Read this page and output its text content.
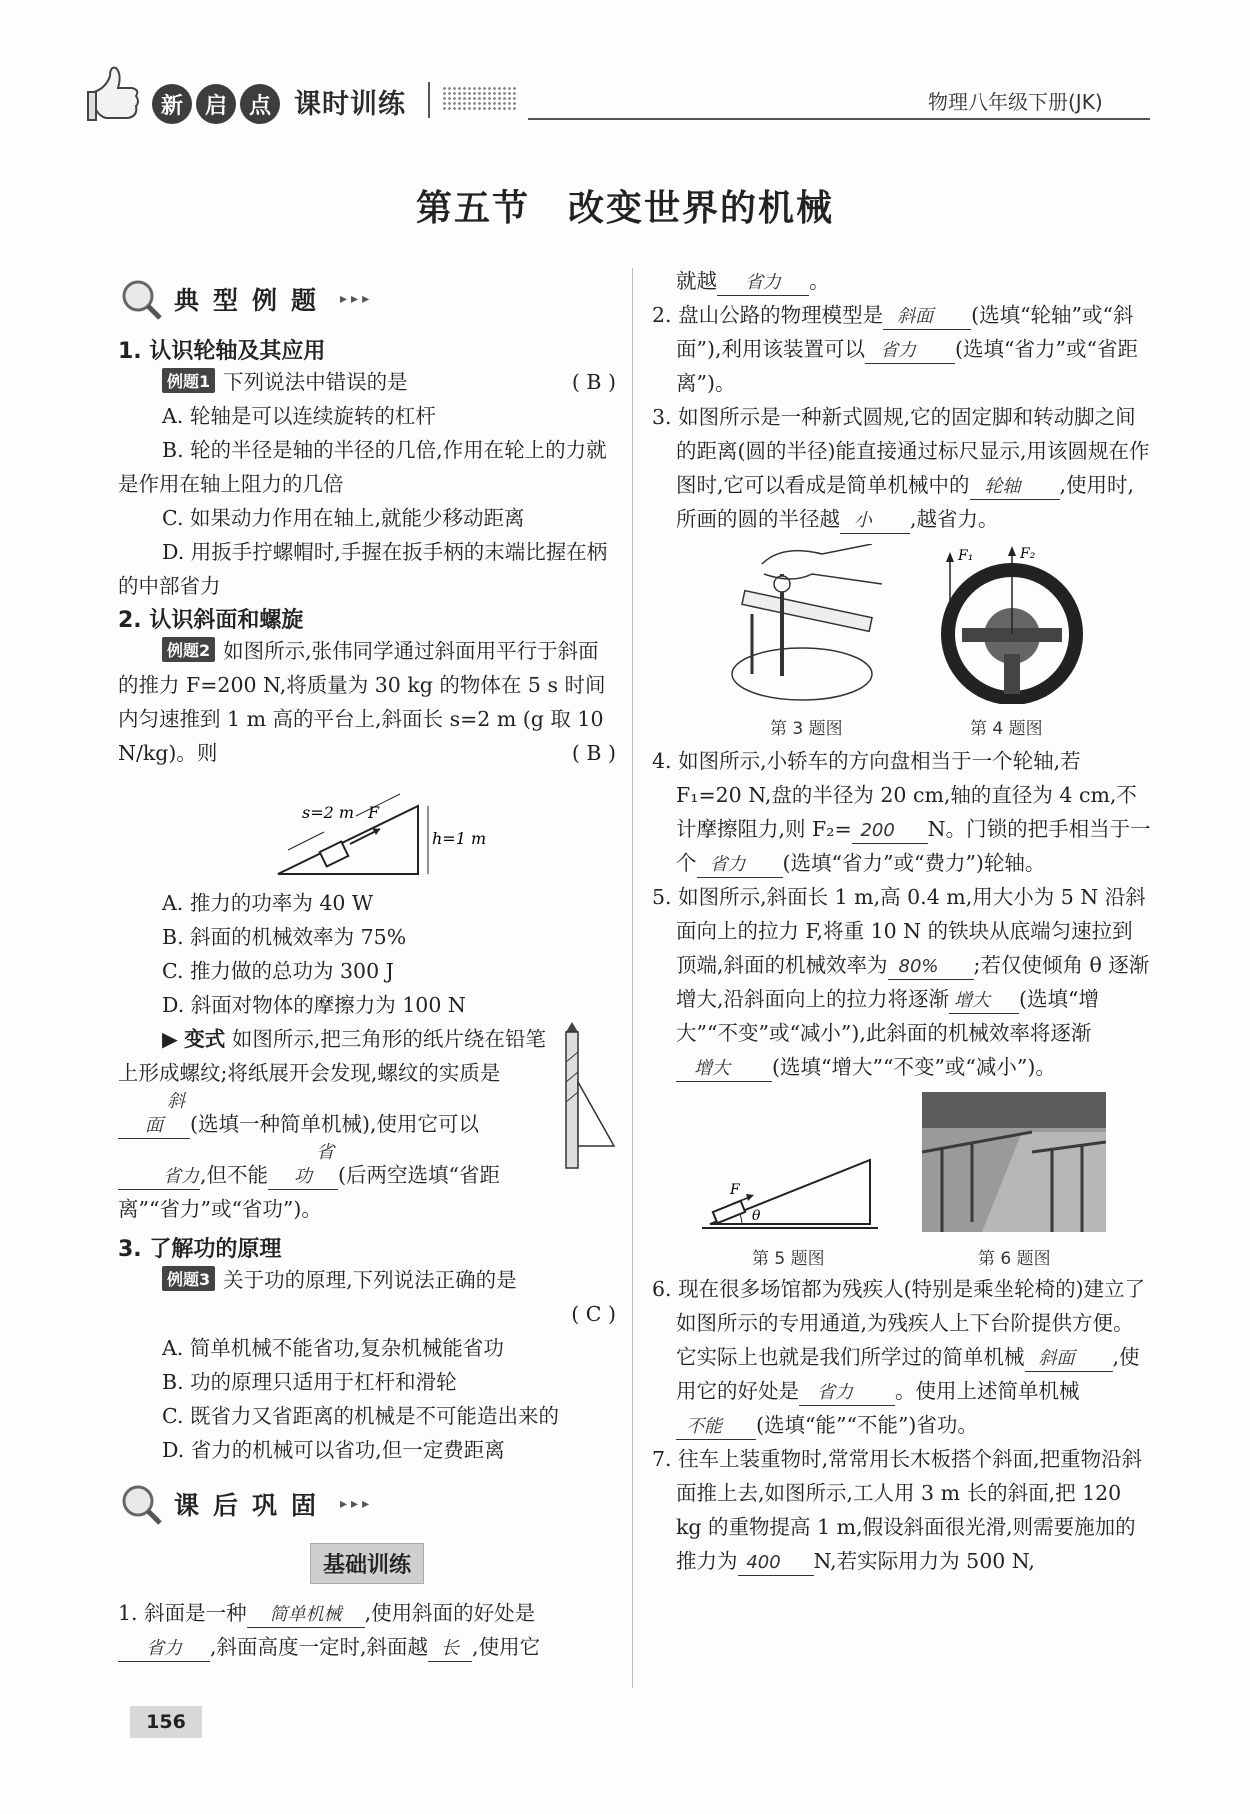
新 启 点 课时训练	物理八年级下册(JK)
第五节　改变世界的机械
典型例题 ▸▸▸

1. 认识轮轴及其应用

例题1 下列说法中错误的是	( B )

A. 轮轴是可以连续旋转的杠杆

B. 轮的半径是轴的半径的几倍,作用在轮上的力就是作用在轴上阻力的几倍

C. 如果动力作用在轴上,就能少移动距离

D. 用扳手拧螺帽时,手握在扳手柄的末端比握在柄的中部省力

2. 认识斜面和螺旋

例题2 如图所示,张伟同学通过斜面用平行于斜面的推力 F=200 N,将质量为 30 kg 的物体在 5 s 时间内匀速推到 1 m 高的平台上,斜面长 s=2 m (g 取 10 N/kg)。则	( B )

s=2 m F
h=1 m

A. 推力的功率为 40 W

B. 斜面的机械效率为 75%

C. 推力做的总功为 300 J

D. 斜面对物体的摩擦力为 100 N

▶ 变式 如图所示,把三角形的纸片绕在铅笔上形成螺纹;将纸展开会发现,螺纹的实质是斜面 (选填一种简单机械),使用它可以省力,但不能省功 (后两空选填“省距离”“省力”或“省功”)。

3. 了解功的原理

例题3 关于功的原理,下列说法正确的是

( C )

A. 简单机械不能省功,复杂机械能省功

B. 功的原理只适用于杠杆和滑轮

C. 既省力又省距离的机械是不可能造出来的

D. 省力的机械可以省功,但一定费距离

课后巩固 ▸▸▸
基础训练

1. 斜面是一种 简单机械 ,使用斜面的好处是省力 ,斜面高度一定时,斜面越 长 ,使用它

就越 省力 。

2. 盘山公路的物理模型是 斜面 (选填“轮轴”或“斜面”),利用该装置可以 省力 (选填“省力”或“省距离”)。

3. 如图所示是一种新式圆规,它的固定脚和转动脚之间的距离(圆的半径)能直接通过标尺显示,用该圆规在作图时,它可以看成是简单机械中的 轮轴 ,使用时,所画的圆的半径越 小 ,越省力。

F₁	F₂
第 3 题图	第 4 题图

4. 如图所示,小轿车的方向盘相当于一个轮轴,若 F₁=20 N,盘的半径为 20 cm,轴的直径为 4 cm,不计摩擦阻力,则 F₂= 200 N。门锁的把手相当于一个 省力 (选填“省力”或“费力”)轮轴。

5. 如图所示,斜面长 1 m,高 0.4 m,用大小为 5 N 沿斜面向上的拉力 F,将重 10 N 的铁块从底端匀速拉到顶端,斜面的机械效率为 80% ;若仅使倾角 θ 逐渐增大,沿斜面向上的拉力将逐渐 增大 (选填“增大”“不变”或“减小”),此斜面的机械效率将逐渐增大 (选填“增大”“不变”或“减小”)。

F
θ
第 5 题图	第 6 题图

6. 现在很多场馆都为残疾人(特别是乘坐轮椅的)建立了如图所示的专用通道,为残疾人上下台阶提供方便。它实际上也就是我们所学过的简单机械 斜面 ,使用它的好处是 省力 。使用上述简单机械不能 (选填“能”“不能”)省功。

7. 往车上装重物时,常常用长木板搭个斜面,把重物沿斜面推上去,如图所示,工人用 3 m 长的斜面,把 120 kg 的重物提高 1 m,假设斜面很光滑,则需要施加的推力为 400 N,若实际用力为 500 N,

156
